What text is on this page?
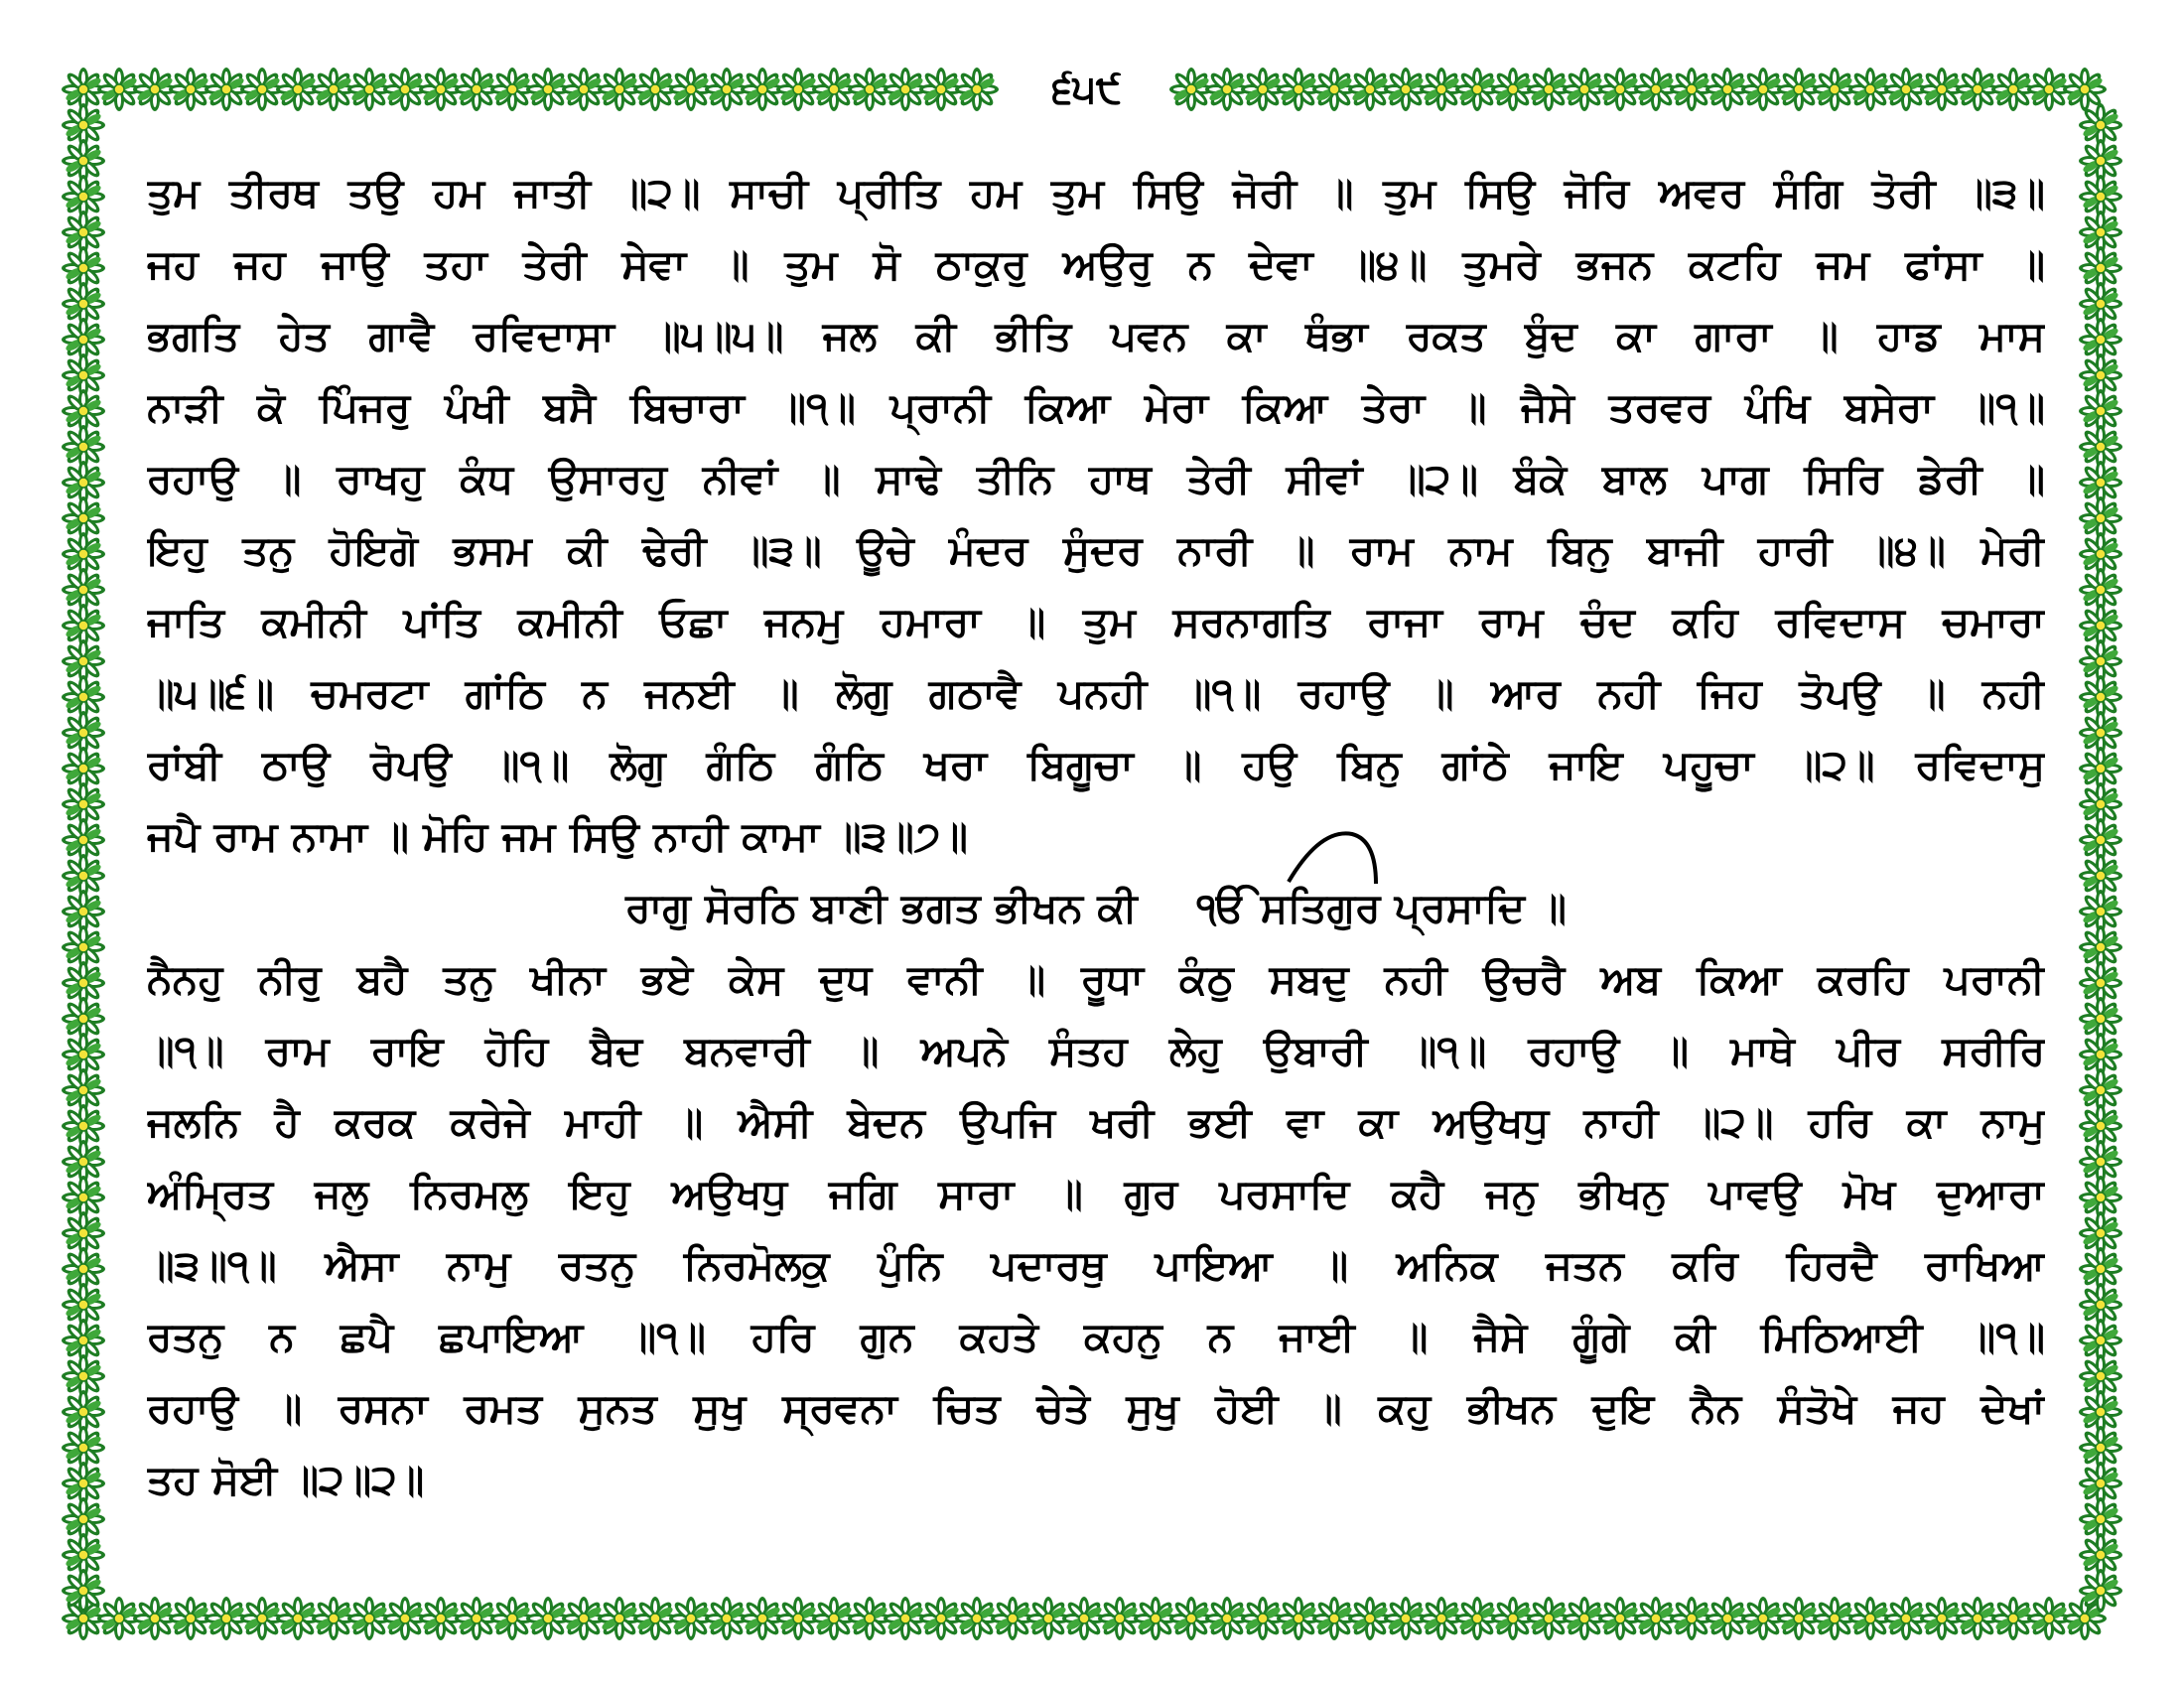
੬੫੯
ਤੁਮ ਤੀਰਥ ਤਉ ਹਮ ਜਾਤੀ ॥੨॥ ਸਾਚੀ ਪ੍ਰੀਤਿ ਹਮ ਤੁਮ ਸਿਉ ਜੋਰੀ ॥ ਤੁਮ ਸਿਉ ਜੋਰਿ ਅਵਰ ਸੰਗਿ ਤੋਰੀ ॥੩॥
ਜਹ ਜਹ ਜਾਉ ਤਹਾ ਤੇਰੀ ਸੇਵਾ ॥ ਤੁਮ ਸੋ ਠਾਕੁਰੁ ਅਉਰੁ ਨ ਦੇਵਾ ॥੪॥ ਤੁਮਰੇ ਭਜਨ ਕਟਹਿ ਜਮ ਫਾਂਸਾ ॥
ਭਗਤਿ ਹੇਤ ਗਾਵੈ ਰਵਿਦਾਸਾ ॥੫॥੫॥ ਜਲ ਕੀ ਭੀਤਿ ਪਵਨ ਕਾ ਥੰਭਾ ਰਕਤ ਬੁੰਦ ਕਾ ਗਾਰਾ ॥ ਹਾਡ ਮਾਸ
ਨਾੜੀ ਕੋ ਪਿੰਜਰੁ ਪੰਖੀ ਬਸੈ ਬਿਚਾਰਾ ॥੧॥ ਪ੍ਰਾਨੀ ਕਿਆ ਮੇਰਾ ਕਿਆ ਤੇਰਾ ॥ ਜੈਸੇ ਤਰਵਰ ਪੰਖਿ ਬਸੇਰਾ ॥੧॥
ਰਹਾਉ ॥ ਰਾਖਹੁ ਕੰਧ ਉਸਾਰਹੁ ਨੀਵਾਂ ॥ ਸਾਢੇ ਤੀਨਿ ਹਾਥ ਤੇਰੀ ਸੀਵਾਂ ॥੨॥ ਬੰਕੇ ਬਾਲ ਪਾਗ ਸਿਰਿ ਡੇਰੀ ॥
ਇਹੁ ਤਨੁ ਹੋਇਗੋ ਭਸਮ ਕੀ ਢੇਰੀ ॥੩॥ ਊਚੇ ਮੰਦਰ ਸੁੰਦਰ ਨਾਰੀ ॥ ਰਾਮ ਨਾਮ ਬਿਨੁ ਬਾਜੀ ਹਾਰੀ ॥੪॥ ਮੇਰੀ
ਜਾਤਿ ਕਮੀਨੀ ਪਾਂਤਿ ਕਮੀਨੀ ਓਛਾ ਜਨਮੁ ਹਮਾਰਾ ॥ ਤੁਮ ਸਰਨਾਗਤਿ ਰਾਜਾ ਰਾਮ ਚੰਦ ਕਹਿ ਰਵਿਦਾਸ ਚਮਾਰਾ
॥੫॥੬॥ ਚਮਰਟਾ ਗਾਂਠਿ ਨ ਜਨਈ ॥ ਲੋਗੁ ਗਠਾਵੈ ਪਨਹੀ ॥੧॥ ਰਹਾਉ ॥ ਆਰ ਨਹੀ ਜਿਹ ਤੋਪਉ ॥ ਨਹੀ
ਰਾਂਬੀ ਠਾਉ ਰੋਪਉ ॥੧॥ ਲੋਗੁ ਗੰਠਿ ਗੰਠਿ ਖਰਾ ਬਿਗੂਚਾ ॥ ਹਉ ਬਿਨੁ ਗਾਂਠੇ ਜਾਇ ਪਹੂਚਾ ॥੨॥ ਰਵਿਦਾਸੁ
ਜਪੈ ਰਾਮ ਨਾਮਾ ॥ ਮੋਹਿ ਜਮ ਸਿਉ ਨਾਹੀ ਕਾਮਾ ॥੩॥੭॥
ਰਾਗੁ ਸੋਰਠਿ ਬਾਣੀ ਭਗਤ ਭੀਖਨ ਕੀ ੴ ਸਤਿਗੁਰ ਪ੍ਰਸਾਦਿ ॥
ਨੈਨਹੁ ਨੀਰੁ ਬਹੈ ਤਨੁ ਖੀਨਾ ਭਏ ਕੇਸ ਦੁਧ ਵਾਨੀ ॥ ਰੂਧਾ ਕੰਠੁ ਸਬਦੁ ਨਹੀ ਉਚਰੈ ਅਬ ਕਿਆ ਕਰਹਿ ਪਰਾਨੀ
॥੧॥ ਰਾਮ ਰਾਇ ਹੋਹਿ ਬੈਦ ਬਨਵਾਰੀ ॥ ਅਪਨੇ ਸੰਤਹ ਲੇਹੁ ਉਬਾਰੀ ॥੧॥ ਰਹਾਉ ॥ ਮਾਥੇ ਪੀਰ ਸਰੀਰਿ
ਜਲਨਿ ਹੈ ਕਰਕ ਕਰੇਜੇ ਮਾਹੀ ॥ ਐਸੀ ਬੇਦਨ ਉਪਜਿ ਖਰੀ ਭਈ ਵਾ ਕਾ ਅਉਖਧੁ ਨਾਹੀ ॥੨॥ ਹਰਿ ਕਾ ਨਾਮੁ
ਅੰਮ੍ਰਿਤ ਜਲੁ ਨਿਰਮਲੁ ਇਹੁ ਅਉਖਧੁ ਜਗਿ ਸਾਰਾ ॥ ਗੁਰ ਪਰਸਾਦਿ ਕਹੈ ਜਨੁ ਭੀਖਨੁ ਪਾਵਉ ਮੋਖ ਦੁਆਰਾ
॥੩॥੧॥ ਐਸਾ ਨਾਮੁ ਰਤਨੁ ਨਿਰਮੋਲਕੁ ਪੁੰਨਿ ਪਦਾਰਥੁ ਪਾਇਆ ॥ ਅਨਿਕ ਜਤਨ ਕਰਿ ਹਿਰਦੈ ਰਾਖਿਆ
ਰਤਨੁ ਨ ਛਪੈ ਛਪਾਇਆ ॥੧॥ ਹਰਿ ਗੁਨ ਕਹਤੇ ਕਹਨੁ ਨ ਜਾਈ ॥ ਜੈਸੇ ਗੂੰਗੇ ਕੀ ਮਿਠਿਆਈ ॥੧॥
ਰਹਾਉ ॥ ਰਸਨਾ ਰਮਤ ਸੁਨਤ ਸੁਖੁ ਸ੍ਰਵਨਾ ਚਿਤ ਚੇਤੇ ਸੁਖੁ ਹੋਈ ॥ ਕਹੁ ਭੀਖਨ ਦੁਇ ਨੈਨ ਸੰਤੋਖੇ ਜਹ ਦੇਖਾਂ
ਤਹ ਸੋਈ ॥੨॥੨॥
